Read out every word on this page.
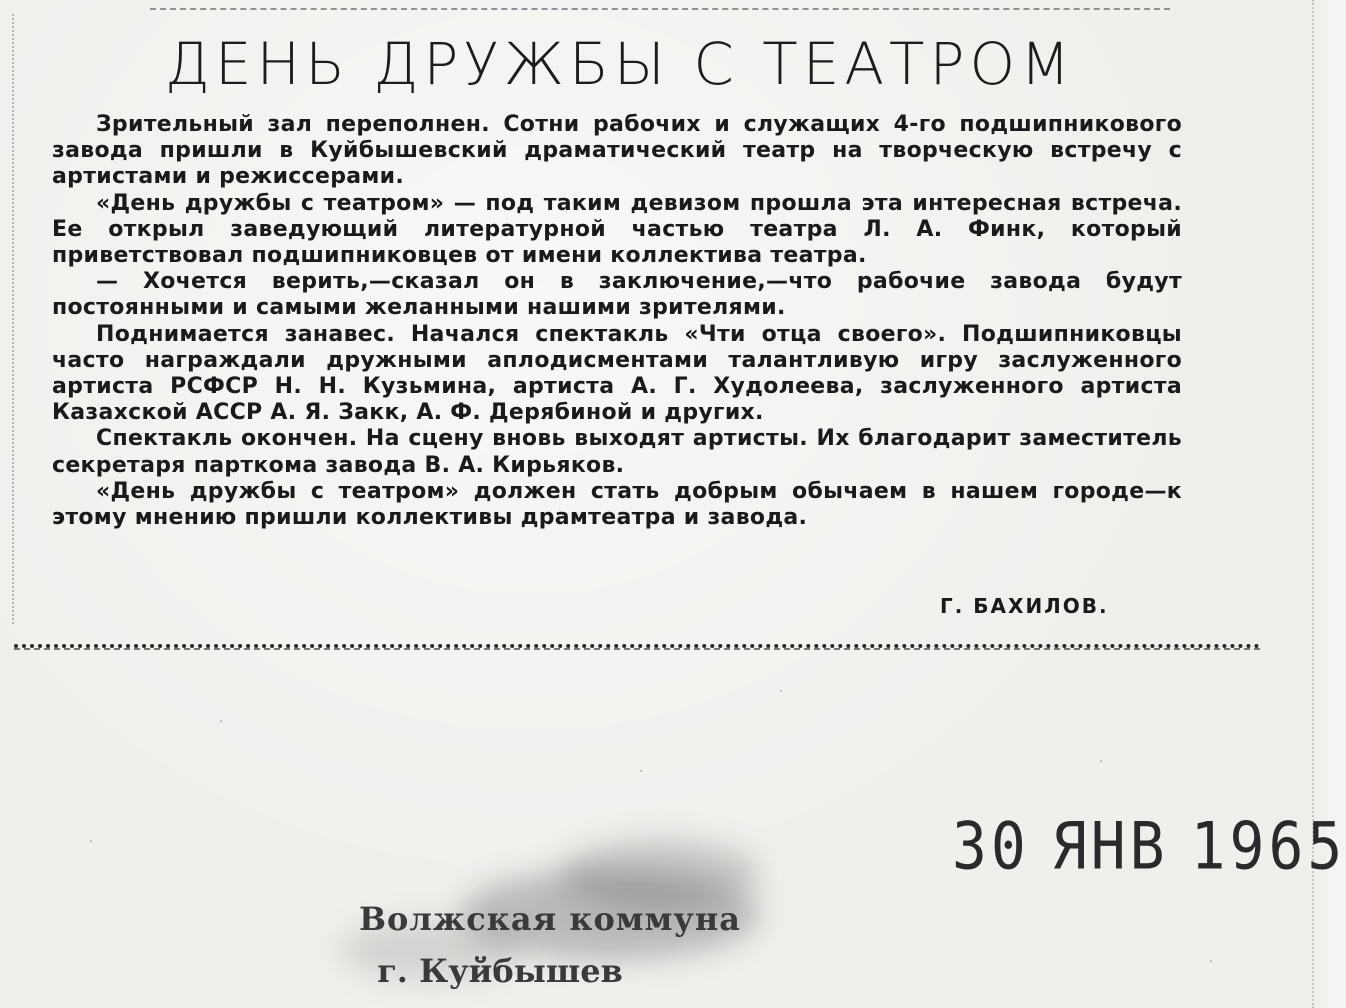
ДЕНЬ ДРУЖБЫ С ТЕАТРОМ

Зрительный зал переполнен. Сотни рабочих и служащих 4-го подшипникового завода пришли в Куйбышевский драматический театр на творческую встречу с артистами и режиссерами.

«День дружбы с театром» — под таким девизом прошла эта интересная встреча. Ее открыл заведующий литературной частью театра Л. А. Финк, который приветствовал подшипниковцев от имени коллектива театра.

— Хочется верить,—сказал он в заключение,—что рабочие завода будут постоянными и самыми желанными нашими зрителями.

Поднимается занавес. Начался спектакль «Чти отца своего». Подшипниковцы часто награждали дружными аплодисментами талантливую игру заслуженного артиста РСФСР Н. Н. Кузьмина, артиста А. Г. Худолеева, заслуженного артиста Казахской АССР А. Я. Закк, А. Ф. Дерябиной и других.

Спектакль окончен. На сцену вновь выходят артисты. Их благодарит заместитель секретаря парткома завода В. А. Кирьяков.

«День дружбы с театром» должен стать добрым обычаем в нашем городе—к этому мнению пришли коллективы драмтеатра и завода.

Г. БАХИЛОВ.
30 ЯНВ 1965
Волжская коммуна
г. Куйбышев
